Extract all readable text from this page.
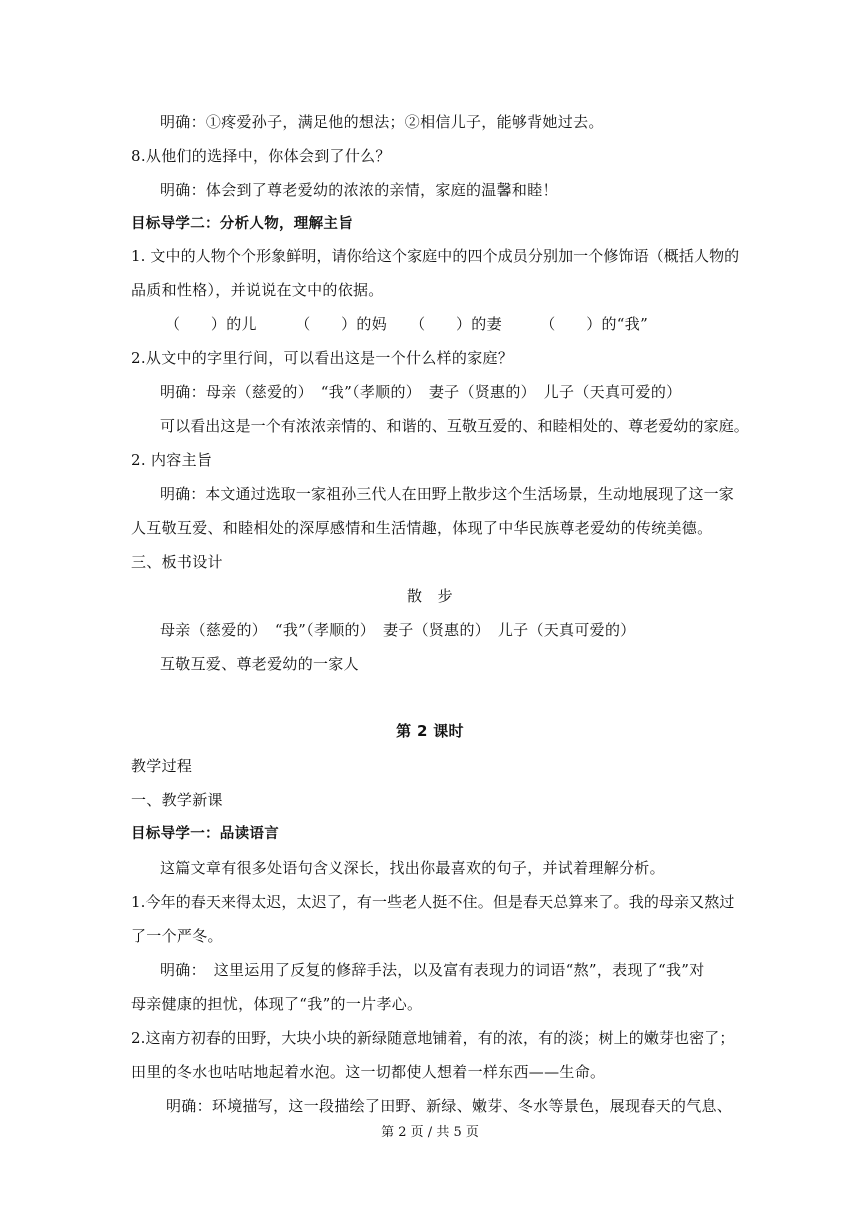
明确：①疼爱孙子，满足他的想法；②相信儿子，能够背她过去。
8.从他们的选择中，你体会到了什么？
明确：体会到了尊老爱幼的浓浓的亲情，家庭的温馨和睦！
目标导学二：分析人物，理解主旨
1. 文中的人物个个形象鲜明，请你给这个家庭中的四个成员分别加一个修饰语（概括人物的
品质和性格），并说说在文中的依据。
（　　）的儿　　　（　　）的妈　　（　　）的妻　　　（　　）的“我”
2.从文中的字里行间，可以看出这是一个什么样的家庭？
明确：母亲（慈爱的）　“我”（孝顺的）　妻子（贤惠的）　儿子（天真可爱的）
可以看出这是一个有浓浓亲情的、和谐的、互敬互爱的、和睦相处的、尊老爱幼的家庭。
2. 内容主旨
明确：本文通过选取一家祖孙三代人在田野上散步这个生活场景，生动地展现了这一家
人互敬互爱、和睦相处的深厚感情和生活情趣，体现了中华民族尊老爱幼的传统美德。
三、板书设计
散　步
母亲（慈爱的）　“我”（孝顺的）　妻子（贤惠的）　儿子（天真可爱的）
互敬互爱、尊老爱幼的一家人
第 2 课时
教学过程
一、教学新课
目标导学一：品读语言
这篇文章有很多处语句含义深长，找出你最喜欢的句子，并试着理解分析。
1.今年的春天来得太迟，太迟了，有一些老人挺不住。但是春天总算来了。我的母亲又熬过
了一个严冬。
明确：　这里运用了反复的修辞手法，以及富有表现力的词语“熬”，表现了“我”对
母亲健康的担忧，体现了“我”的一片孝心。
2.这南方初春的田野，大块小块的新绿随意地铺着，有的浓，有的淡；树上的嫩芽也密了；
田里的冬水也咕咕地起着水泡。这一切都使人想着一样东西——生命。
明确：环境描写，这一段描绘了田野、新绿、嫩芽、冬水等景色，展现春天的气息、
第 2 页 / 共 5 页
